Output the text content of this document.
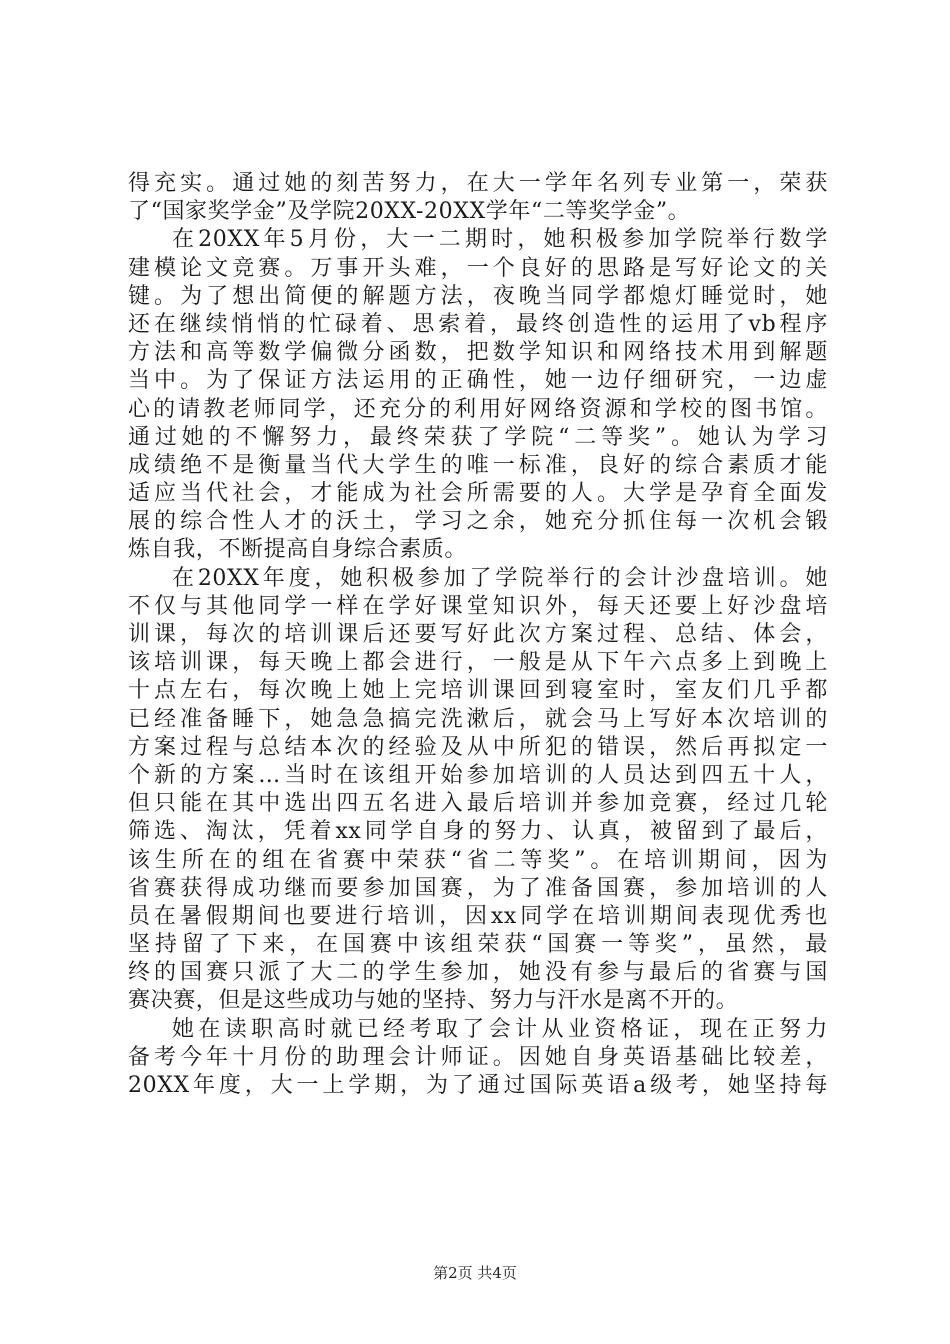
得充实。通过她的刻苦努力，在大一学年名列专业第一，荣获
了“国家奖学金”及学院20XX-20XX学年“二等奖学金”。
在20XX年5月份，大一二期时，她积极参加学院举行数学
建模论文竞赛。万事开头难，一个良好的思路是写好论文的关
键。为了想出简便的解题方法，夜晚当同学都熄灯睡觉时，她
还在继续悄悄的忙碌着、思索着，最终创造性的运用了vb程序
方法和高等数学偏微分函数，把数学知识和网络技术用到解题
当中。为了保证方法运用的正确性，她一边仔细研究，一边虚
心的请教老师同学，还充分的利用好网络资源和学校的图书馆。
通过她的不懈努力，最终荣获了学院“二等奖”。她认为学习
成绩绝不是衡量当代大学生的唯一标准，良好的综合素质才能
适应当代社会，才能成为社会所需要的人。大学是孕育全面发
展的综合性人才的沃土，学习之余，她充分抓住每一次机会锻
炼自我，不断提高自身综合素质。
在20XX年度，她积极参加了学院举行的会计沙盘培训。她
不仅与其他同学一样在学好课堂知识外，每天还要上好沙盘培
训课，每次的培训课后还要写好此次方案过程、总结、体会，
该培训课，每天晚上都会进行，一般是从下午六点多上到晚上
十点左右，每次晚上她上完培训课回到寝室时，室友们几乎都
已经准备睡下，她急急搞完洗漱后，就会马上写好本次培训的
方案过程与总结本次的经验及从中所犯的错误，然后再拟定一
个新的方案…当时在该组开始参加培训的人员达到四五十人，
但只能在其中选出四五名进入最后培训并参加竞赛，经过几轮
筛选、淘汰，凭着xx同学自身的努力、认真，被留到了最后，
该生所在的组在省赛中荣获“省二等奖”。在培训期间，因为
省赛获得成功继而要参加国赛，为了准备国赛，参加培训的人
员在暑假期间也要进行培训，因xx同学在培训期间表现优秀也
坚持留了下来，在国赛中该组荣获“国赛一等奖”，虽然，最
终的国赛只派了大二的学生参加，她没有参与最后的省赛与国
赛决赛，但是这些成功与她的坚持、努力与汗水是离不开的。
她在读职高时就已经考取了会计从业资格证，现在正努力
备考今年十月份的助理会计师证。因她自身英语基础比较差，
20XX年度，大一上学期，为了通过国际英语a级考，她坚持每
第2页 共4页
